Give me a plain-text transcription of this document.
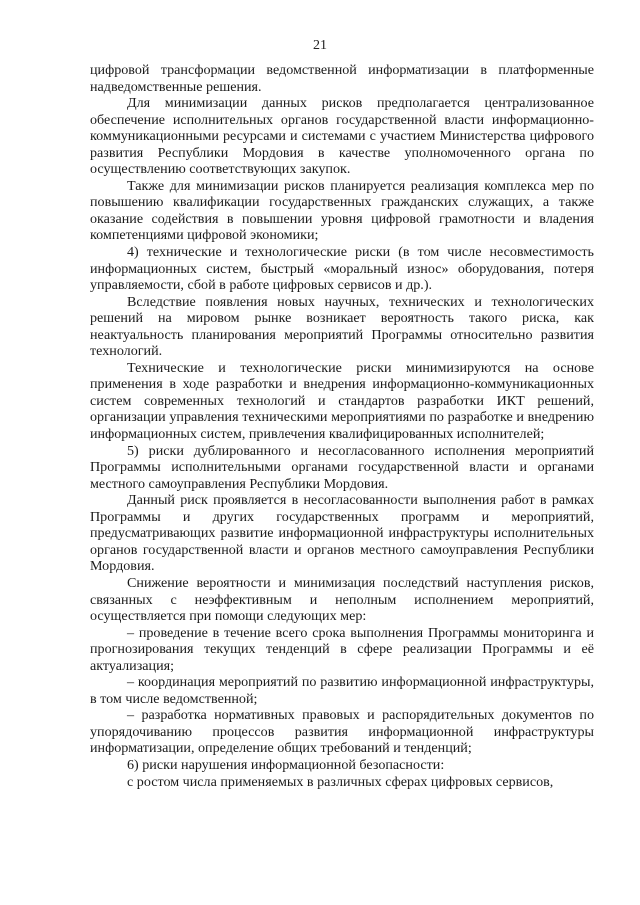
21

цифровой трансформации ведомственной информатизации в платформенные надведомственные решения.

Для минимизации данных рисков предполагается централизованное обеспечение исполнительных органов государственной власти информационно-коммуникационными ресурсами и системами с участием Министерства цифрового развития Республики Мордовия в качестве уполномоченного органа по осуществлению соответствующих закупок.

Также для минимизации рисков планируется реализация комплекса мер по повышению квалификации государственных гражданских служащих, а также оказание содействия в повышении уровня цифровой грамотности и владения компетенциями цифровой экономики;

4) технические и технологические риски (в том числе несовместимость информационных систем, быстрый «моральный износ» оборудования, потеря управляемости, сбой в работе цифровых сервисов и др.).

Вследствие появления новых научных, технических и технологических решений на мировом рынке возникает вероятность такого риска, как неактуальность планирования мероприятий Программы относительно развития технологий.

Технические и технологические риски минимизируются на основе применения в ходе разработки и внедрения информационно-коммуникационных систем современных технологий и стандартов разработки ИКТ решений, организации управления техническими мероприятиями по разработке и внедрению информационных систем, привлечения квалифицированных исполнителей;

5) риски дублированного и несогласованного исполнения мероприятий Программы исполнительными органами государственной власти и органами местного самоуправления Республики Мордовия.

Данный риск проявляется в несогласованности выполнения работ в рамках Программы и других государственных программ и мероприятий, предусматривающих развитие информационной инфраструктуры исполнительных органов государственной власти и органов местного самоуправления Республики Мордовия.

Снижение вероятности и минимизация последствий наступления рисков, связанных с неэффективным и неполным исполнением мероприятий, осуществляется при помощи следующих мер:

– проведение в течение всего срока выполнения Программы мониторинга и прогнозирования текущих тенденций в сфере реализации Программы и её актуализация;

– координация мероприятий по развитию информационной инфраструктуры, в том числе ведомственной;

– разработка нормативных правовых и распорядительных документов по упорядочиванию процессов развития информационной инфраструктуры информатизации, определение общих требований и тенденций;

6) риски нарушения информационной безопасности:

с ростом числа применяемых в различных сферах цифровых сервисов,
